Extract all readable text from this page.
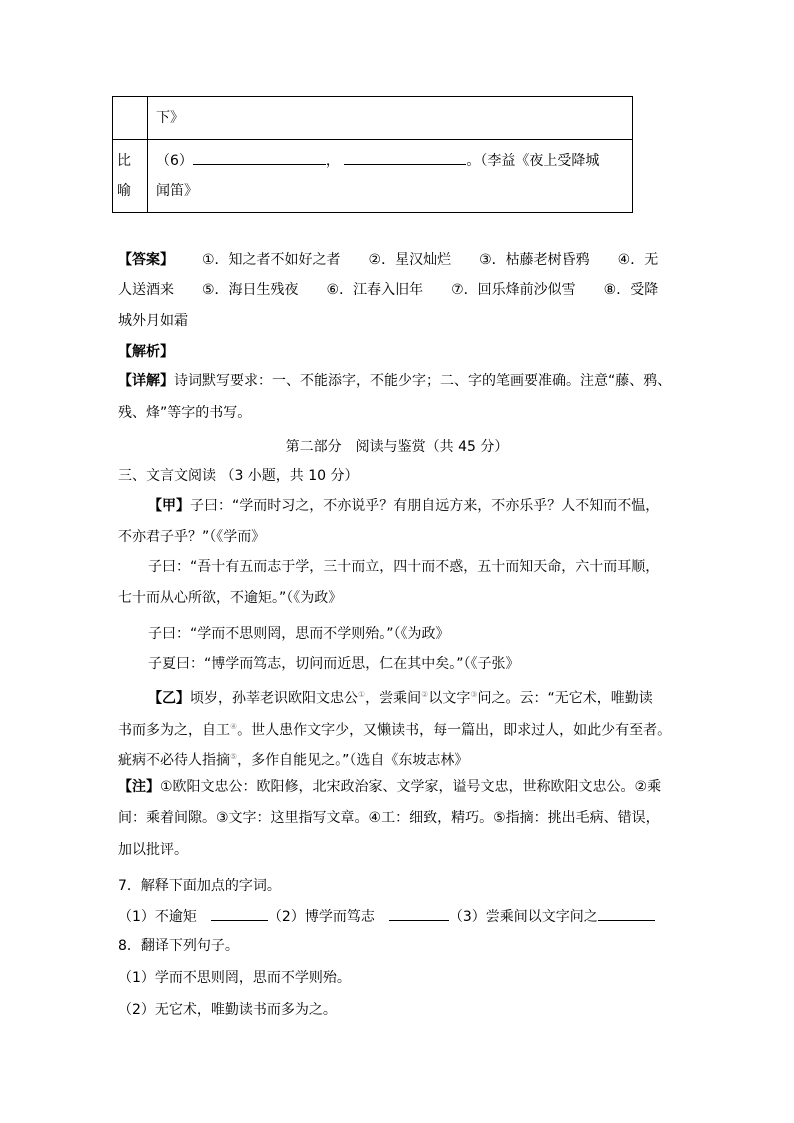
	下》
比喻	（6） ， 。（李益《夜上受降城
闻笛》
【答案】   ①．知之者不如好之者　　②．星汉灿烂　　③．枯藤老树昏鸦　　④．无
人送酒来　　⑤．海日生残夜　　⑥．江春入旧年　　⑦．回乐烽前沙似雪　　⑧．受降
城外月如霜
【解析】
【详解】诗词默写要求：一、不能添字，不能少字；二、字的笔画要准确。注意“藤、鸦、
残、烽”等字的书写。
第二部分　阅读与鉴赏（共 45 分）
三、文言文阅读 （3 小题，共 10 分）
【甲】子曰：“学而时习之，不亦说乎？有朋自远方来，不亦乐乎？人不知而不愠，
不亦君子乎？”（《学而》
子曰：“吾十有五而志于学，三十而立，四十而不惑，五十而知天命，六十而耳顺，
七十而从心所欲，不逾矩。”（《为政》
子曰：“学而不思则罔，思而不学则殆。”（《为政》
子夏曰：“博学而笃志，切问而近思，仁在其中矣。”（《子张》
【乙】顷岁，孙莘老识欧阳文忠公①，尝乘间②以文字③问之。云：“无它术，唯勤读
书而多为之，自工④。世人患作文字少，又懒读书，每一篇出，即求过人，如此少有至者。
疵病不必待人指摘⑤，多作自能见之。”（选自《东坡志林》
【注】①欧阳文忠公：欧阳修，北宋政治家、文学家，谥号文忠，世称欧阳文忠公。②乘
间：乘着间隙。③文字：这里指写文章。④工：细致，精巧。⑤指摘：挑出毛病、错误，
加以批评。
7．解释下面加点的字词。
（1）不逾矩 	（2）博学而笃志 	（3）尝乘间以文字问之
8．翻译下列句子。
（1）学而不思则罔，思而不学则殆。
（2）无它术，唯勤读书而多为之。
